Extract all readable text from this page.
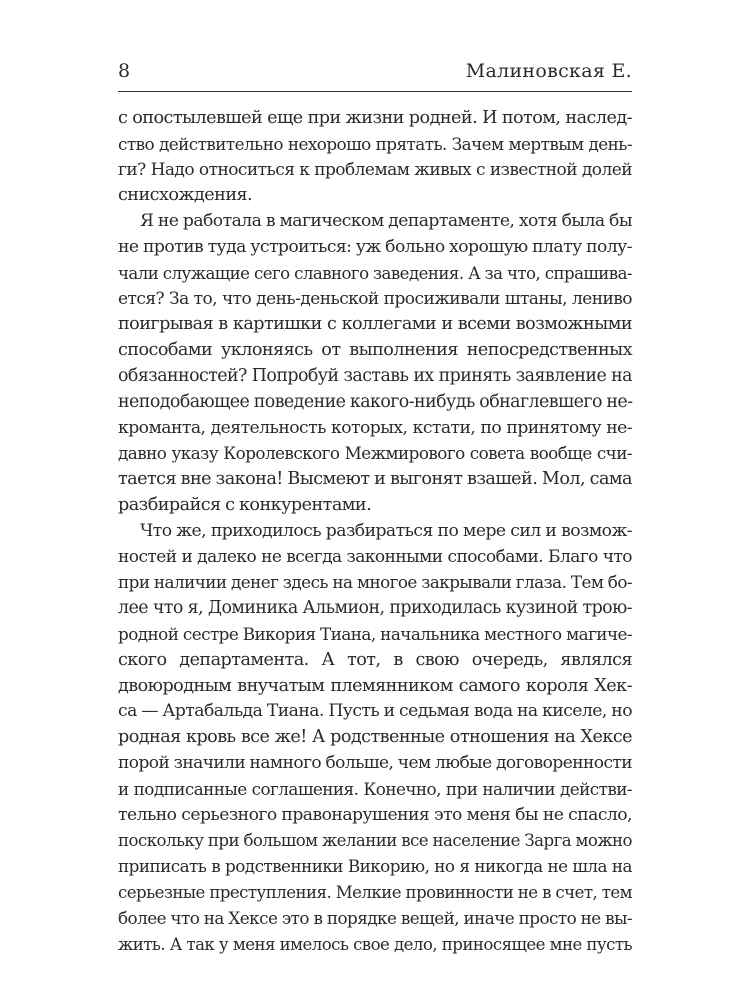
8	Малиновская Е.
с опостылевшей еще при жизни родней. И потом, наслед-
ство действительно нехорошо прятать. Зачем мертвым день-
ги? Надо относиться к проблемам живых с известной долей
снисхождения.
Я не работала в магическом департаменте, хотя была бы
не против туда устроиться: уж больно хорошую плату полу-
чали служащие сего славного заведения. А за что, спрашива-
ется? За то, что день-деньской просиживали штаны, лениво
поигрывая в картишки с коллегами и всеми возможными
способами уклоняясь от выполнения непосредственных
обязанностей? Попробуй заставь их принять заявление на
неподобающее поведение какого-нибудь обнаглевшего не-
кроманта, деятельность которых, кстати, по принятому не-
давно указу Королевского Межмирового совета вообще счи-
тается вне закона! Высмеют и выгонят взашей. Мол, сама
разбирайся с конкурентами.
Что же, приходилось разбираться по мере сил и возмож-
ностей и далеко не всегда законными способами. Благо что
при наличии денег здесь на многое закрывали глаза. Тем бо-
лее что я, Доминика Альмион, приходилась кузиной трою-
родной сестре Викория Тиана, начальника местного магиче-
ского департамента. А тот, в свою очередь, являлся
двоюродным внучатым племянником самого короля Хек-
са — Артабальда Тиана. Пусть и седьмая вода на киселе, но
родная кровь все же! А родственные отношения на Хексе
порой значили намного больше, чем любые договоренности
и подписанные соглашения. Конечно, при наличии действи-
тельно серьезного правонарушения это меня бы не спасло,
поскольку при большом желании все население Зарга можно
приписать в родственники Викорию, но я никогда не шла на
серьезные преступления. Мелкие провинности не в счет, тем
более что на Хексе это в порядке вещей, иначе просто не вы-
жить. А так у меня имелось свое дело, приносящее мне пусть
